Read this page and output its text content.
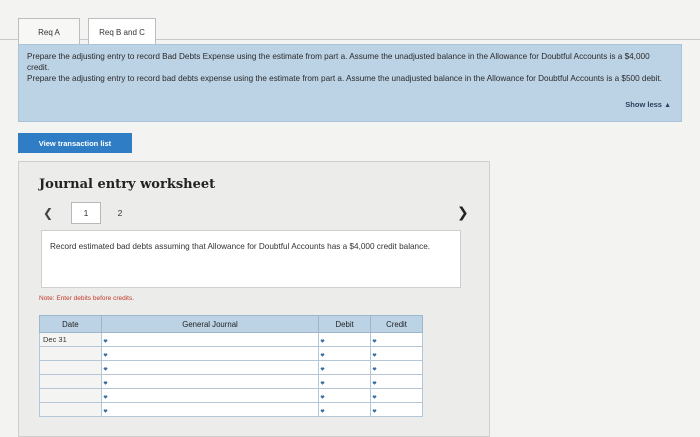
Req A	Req B and C

Prepare the adjusting entry to record Bad Debts Expense using the estimate from part a. Assume the unadjusted balance in the Allowance for Doubtful Accounts is a $4,000 credit.

Prepare the adjusting entry to record bad debts expense using the estimate from part a. Assume the unadjusted balance in the Allowance for Doubtful Accounts is a $500 debit.

Show less ▲
View transaction list
Journal entry worksheet
❮	1	2	❯
Record estimated bad debts assuming that Allowance for Doubtful Accounts has a $4,000 credit balance.
Note: Enter debits before credits.
Date	General Journal	Debit	Credit
Dec 31			
